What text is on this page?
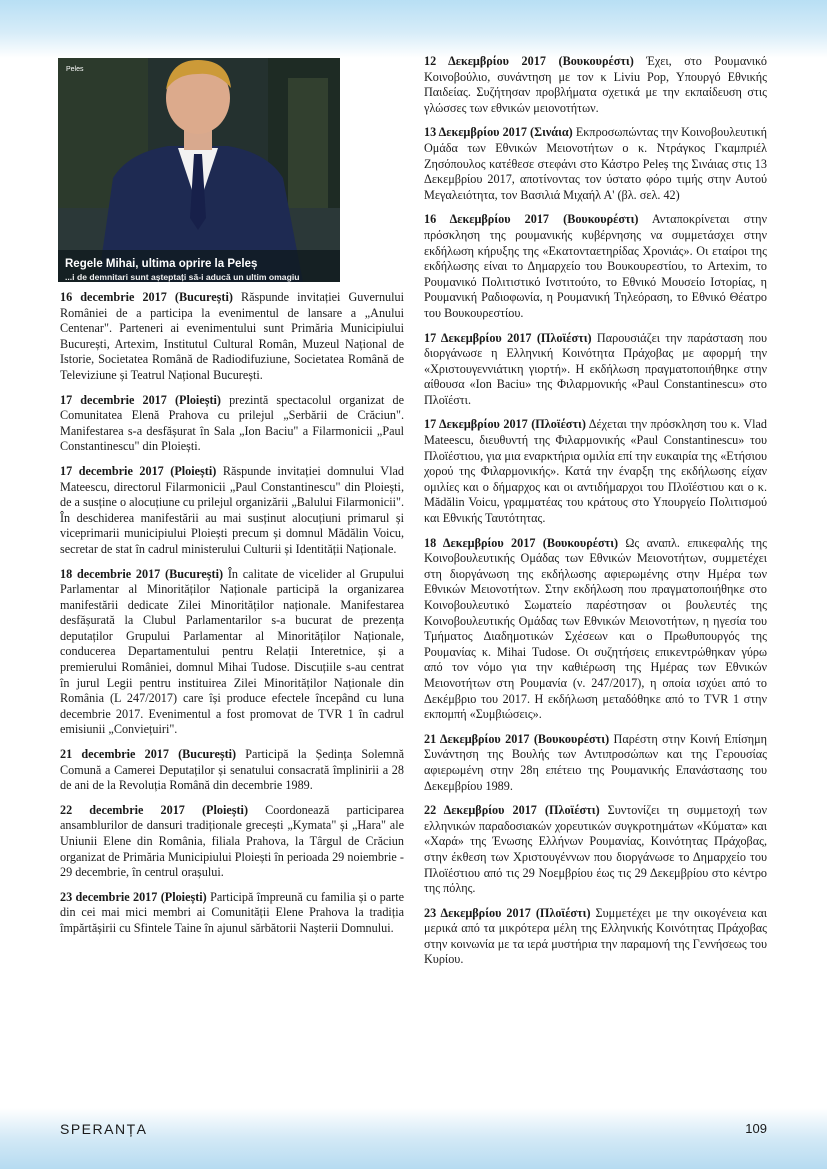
Peles
Regele Mihai, ultima oprire la Peleș
...i de demnitari sunt așteptați să-i aducă un ultim omagiu

16 decembrie 2017 (București) Răspunde invitației Guvernului României de a participa la evenimentul de lansare a „Anului Centenar". Parteneri ai evenimentului sunt Primăria Municipiului București, Artexim, Institutul Cultural Român, Muzeul Național de Istorie, Societatea Română de Radiodifuziune, Societatea Română de Televiziune și Teatrul Național București.

17 decembrie 2017 (Ploiești) prezintă spectacolul organizat de Comunitatea Elenă Prahova cu prilejul „Serbării de Crăciun". Manifestarea s-a desfășurat în Sala „Ion Baciu" a Filarmonicii „Paul Constantinescu" din Ploiești.

17 decembrie 2017 (Ploiești) Răspunde invitației domnului Vlad Mateescu, directorul Filarmonicii „Paul Constantinescu" din Ploiești, de a susține o alocuțiune cu prilejul organizării „Balului Filarmonicii". În deschiderea manifestării au mai susținut alocuțiuni primarul și viceprimarii municipiului Ploiești precum și domnul Mădălin Voicu, secretar de stat în cadrul ministerului Culturii și Identității Naționale.

18 decembrie 2017 (București) În calitate de vicelider al Grupului Parlamentar al Minorităților Naționale participă la organizarea manifestării dedicate Zilei Minorităților naționale. Manifestarea desfășurată la Clubul Parlamentarilor s-a bucurat de prezența deputaților Grupului Parlamentar al Minorităților Naționale, conducerea Departamentului pentru Relații Interetnice, și a premierului României, domnul Mihai Tudose. Discuțiile s-au centrat în jurul Legii pentru instituirea Zilei Minorităților Naționale din România (L 247/2017) care își produce efectele începând cu luna decembrie 2017. Evenimentul a fost promovat de TVR 1 în cadrul emisiunii „Conviețuiri".

21 decembrie 2017 (București) Participă la Ședința Solemnă Comună a Camerei Deputaților și senatului consacrată împlinirii a 28 de ani de la Revoluția Română din decembrie 1989.

22 decembrie 2017 (Ploiești) Coordonează participarea ansamblurilor de dansuri tradiționale grecești „Kymata" și „Hara" ale Uniunii Elene din România, filiala Prahova, la Târgul de Crăciun organizat de Primăria Municipiului Ploiești în perioada 29 noiembrie - 29 decembrie, în centrul orașului.

23 decembrie 2017 (Ploiești) Participă împreună cu familia și o parte din cei mai mici membri ai Comunității Elene Prahova la tradiția împărtășirii cu Sfintele Taine în ajunul sărbătorii Nașterii Domnului.

12 Δεκεμβρίου 2017 (Βουκουρέστι) Έχει, στο Ρουμανικό Κοινοβούλιο, συνάντηση με τον κ Liviu Pop, Υπουργό Εθνικής Παιδείας. Συζήτησαν προβλήματα σχετικά με την εκπαίδευση στις γλώσσες των εθνικών μειονοτήτων.

13 Δεκεμβρίου 2017 (Σινάια) Εκπροσωπώντας την Κοινοβουλευτική Ομάδα των Εθνικών Μειονοτήτων ο κ. Ντράγκος Γκαμπριέλ Ζησόπουλος κατέθεσε στεφάνι στο Κάστρο Peleș της Σινάιας στις 13 Δεκεμβρίου 2017, αποτίνοντας τον ύστατο φόρο τιμής στην Αυτού Μεγαλειότητα, τον Βασιλιά Μιχαήλ Α' (βλ. σελ. 42)

16 Δεκεμβρίου 2017 (Βουκουρέστι) Ανταποκρίνεται στην πρόσκληση της ρουμανικής κυβέρνησης να συμμετάσχει στην εκδήλωση κήρυξης της «Εκατονταετηρίδας Χρονιάς». Οι εταίροι της εκδήλωσης είναι το Δημαρχείο του Βουκουρεστίου, το Artexim, το Ρουμανικό Πολιτιστικό Ινστιτούτο, το Εθνικό Μουσείο Ιστορίας, η Ρουμανική Ραδιοφωνία, η Ρουμανική Τηλεόραση, το Εθνικό Θέατρο του Βουκουρεστίου.

17 Δεκεμβρίου 2017 (Πλοϊέστι) Παρουσιάζει την παράσταση που διοργάνωσε η Ελληνική Κοινότητα Πράχοβας με αφορμή την «Χριστουγεννιάτικη γιορτή». Η εκδήλωση πραγματοποιήθηκε στην αίθουσα «Ion Baciu» της Φιλαρμονικής «Paul Constantinescu» στο Πλοϊέστι.

17 Δεκεμβρίου 2017 (Πλοϊέστι) Δέχεται την πρόσκληση του κ. Vlad Mateescu, διευθυντή της Φιλαρμονικής «Paul Constantinescu» του Πλοϊέστιου, για μια εναρκτήρια ομιλία επί την ευκαιρία της «Ετήσιου χορού της Φιλαρμονικής». Κατά την έναρξη της εκδήλωσης είχαν ομιλίες και ο δήμαρχος και οι αντιδήμαρχοι του Πλοϊέστιου και ο κ. Mădălin Voicu, γραμματέας του κράτους στο Υπουργείο Πολιτισμού και Εθνικής Ταυτότητας.

18 Δεκεμβρίου 2017 (Βουκουρέστι) Ως αναπλ. επικεφαλής της Κοινοβουλευτικής Ομάδας των Εθνικών Μειονοτήτων, συμμετέχει στη διοργάνωση της εκδήλωσης αφιερωμένης στην Ημέρα των Εθνικών Μειονοτήτων. Στην εκδήλωση που πραγματοποιήθηκε στο Κοινοβουλευτικό Σωματείο παρέστησαν οι βουλευτές της Κοινοβουλευτικής Ομάδας των Εθνικών Μειονοτήτων, η ηγεσία του Τμήματος Διαδημοτικών Σχέσεων και ο Πρωθυπουργός της Ρουμανίας κ. Mihai Tudose. Οι συζητήσεις επικεντρώθηκαν γύρω από τον νόμο για την καθιέρωση της Ημέρας των Εθνικών Μειονοτήτων στη Ρουμανία (ν. 247/2017), η οποία ισχύει από το Δεκέμβριο του 2017. Η εκδήλωση μεταδόθηκε από το TVR 1 στην εκπομπή «Συμβιώσεις».

21 Δεκεμβρίου 2017 (Βουκουρέστι) Παρέστη στην Κοινή Επίσημη Συνάντηση της Βουλής των Αντιπροσώπων και της Γερουσίας αφιερωμένη στην 28η επέτειο της Ρουμανικής Επανάστασης του Δεκεμβρίου 1989.

22 Δεκεμβρίου 2017 (Πλοϊέστι) Συντονίζει τη συμμετοχή των ελληνικών παραδοσιακών χορευτικών συγκροτημάτων «Κύματα» και «Χαρά» της Ένωσης Ελλήνων Ρουμανίας, Κοινότητας Πράχοβας, στην έκθεση των Χριστουγέννων που διοργάνωσε το Δημαρχείο του Πλοϊέστιου από τις 29 Νοεμβρίου έως τις 29 Δεκεμβρίου στο κέντρο της πόλης.

23 Δεκεμβρίου 2017 (Πλοϊέστι) Συμμετέχει με την οικογένεια και μερικά από τα μικρότερα μέλη της Ελληνικής Κοινότητας Πράχοβας στην κοινωνία με τα ιερά μυστήρια την παραμονή της Γεννήσεως του Κυρίου.

SPERANȚA	109
